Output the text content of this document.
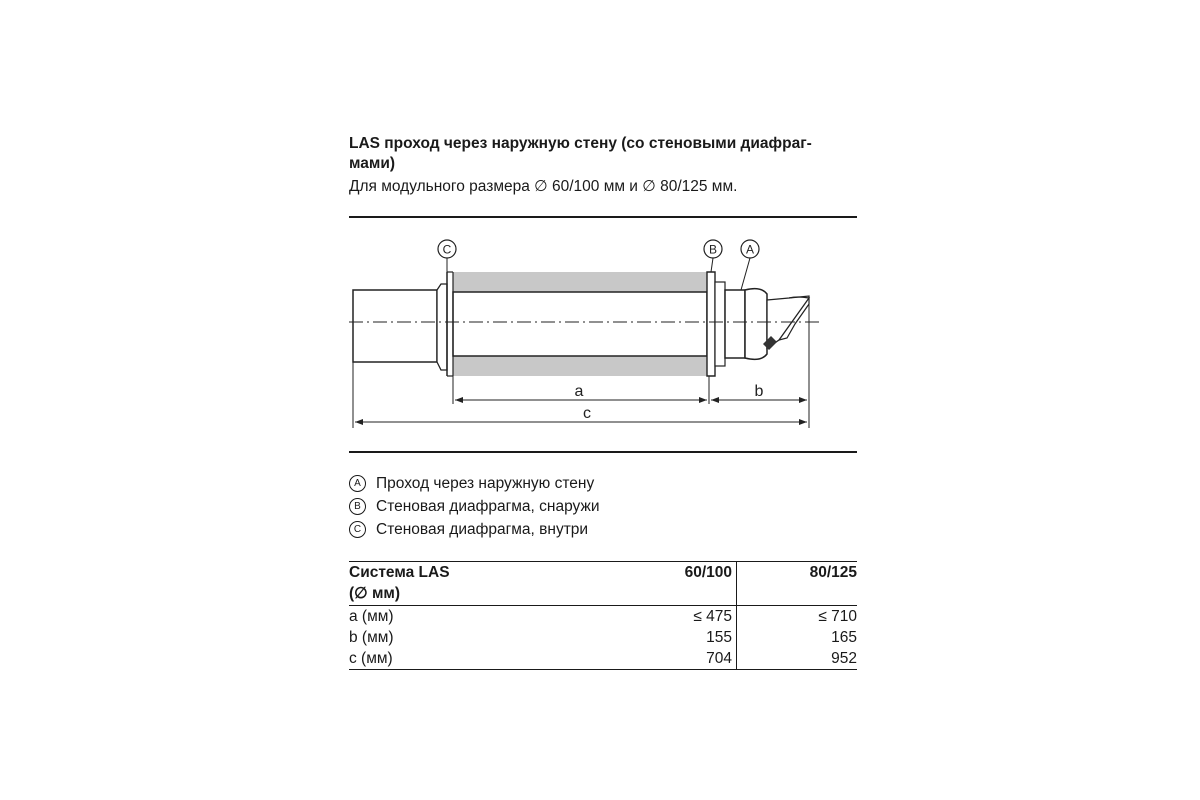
LAS проход через наружную стену (со стеновыми диафраг-
мами)
Для модульного размера ∅ 60/100 мм и ∅ 80/125 мм.
a	b
c
C	B A
A Проход через наружную стену
B Стеновая диафрагма, снаружи
C Стеновая диафрагма, внутри
Система LAS
(∅ мм)	60/100	80/125
a (мм)	≤ 475	≤ 710
b (мм)	155	165
c (мм)	704	952
